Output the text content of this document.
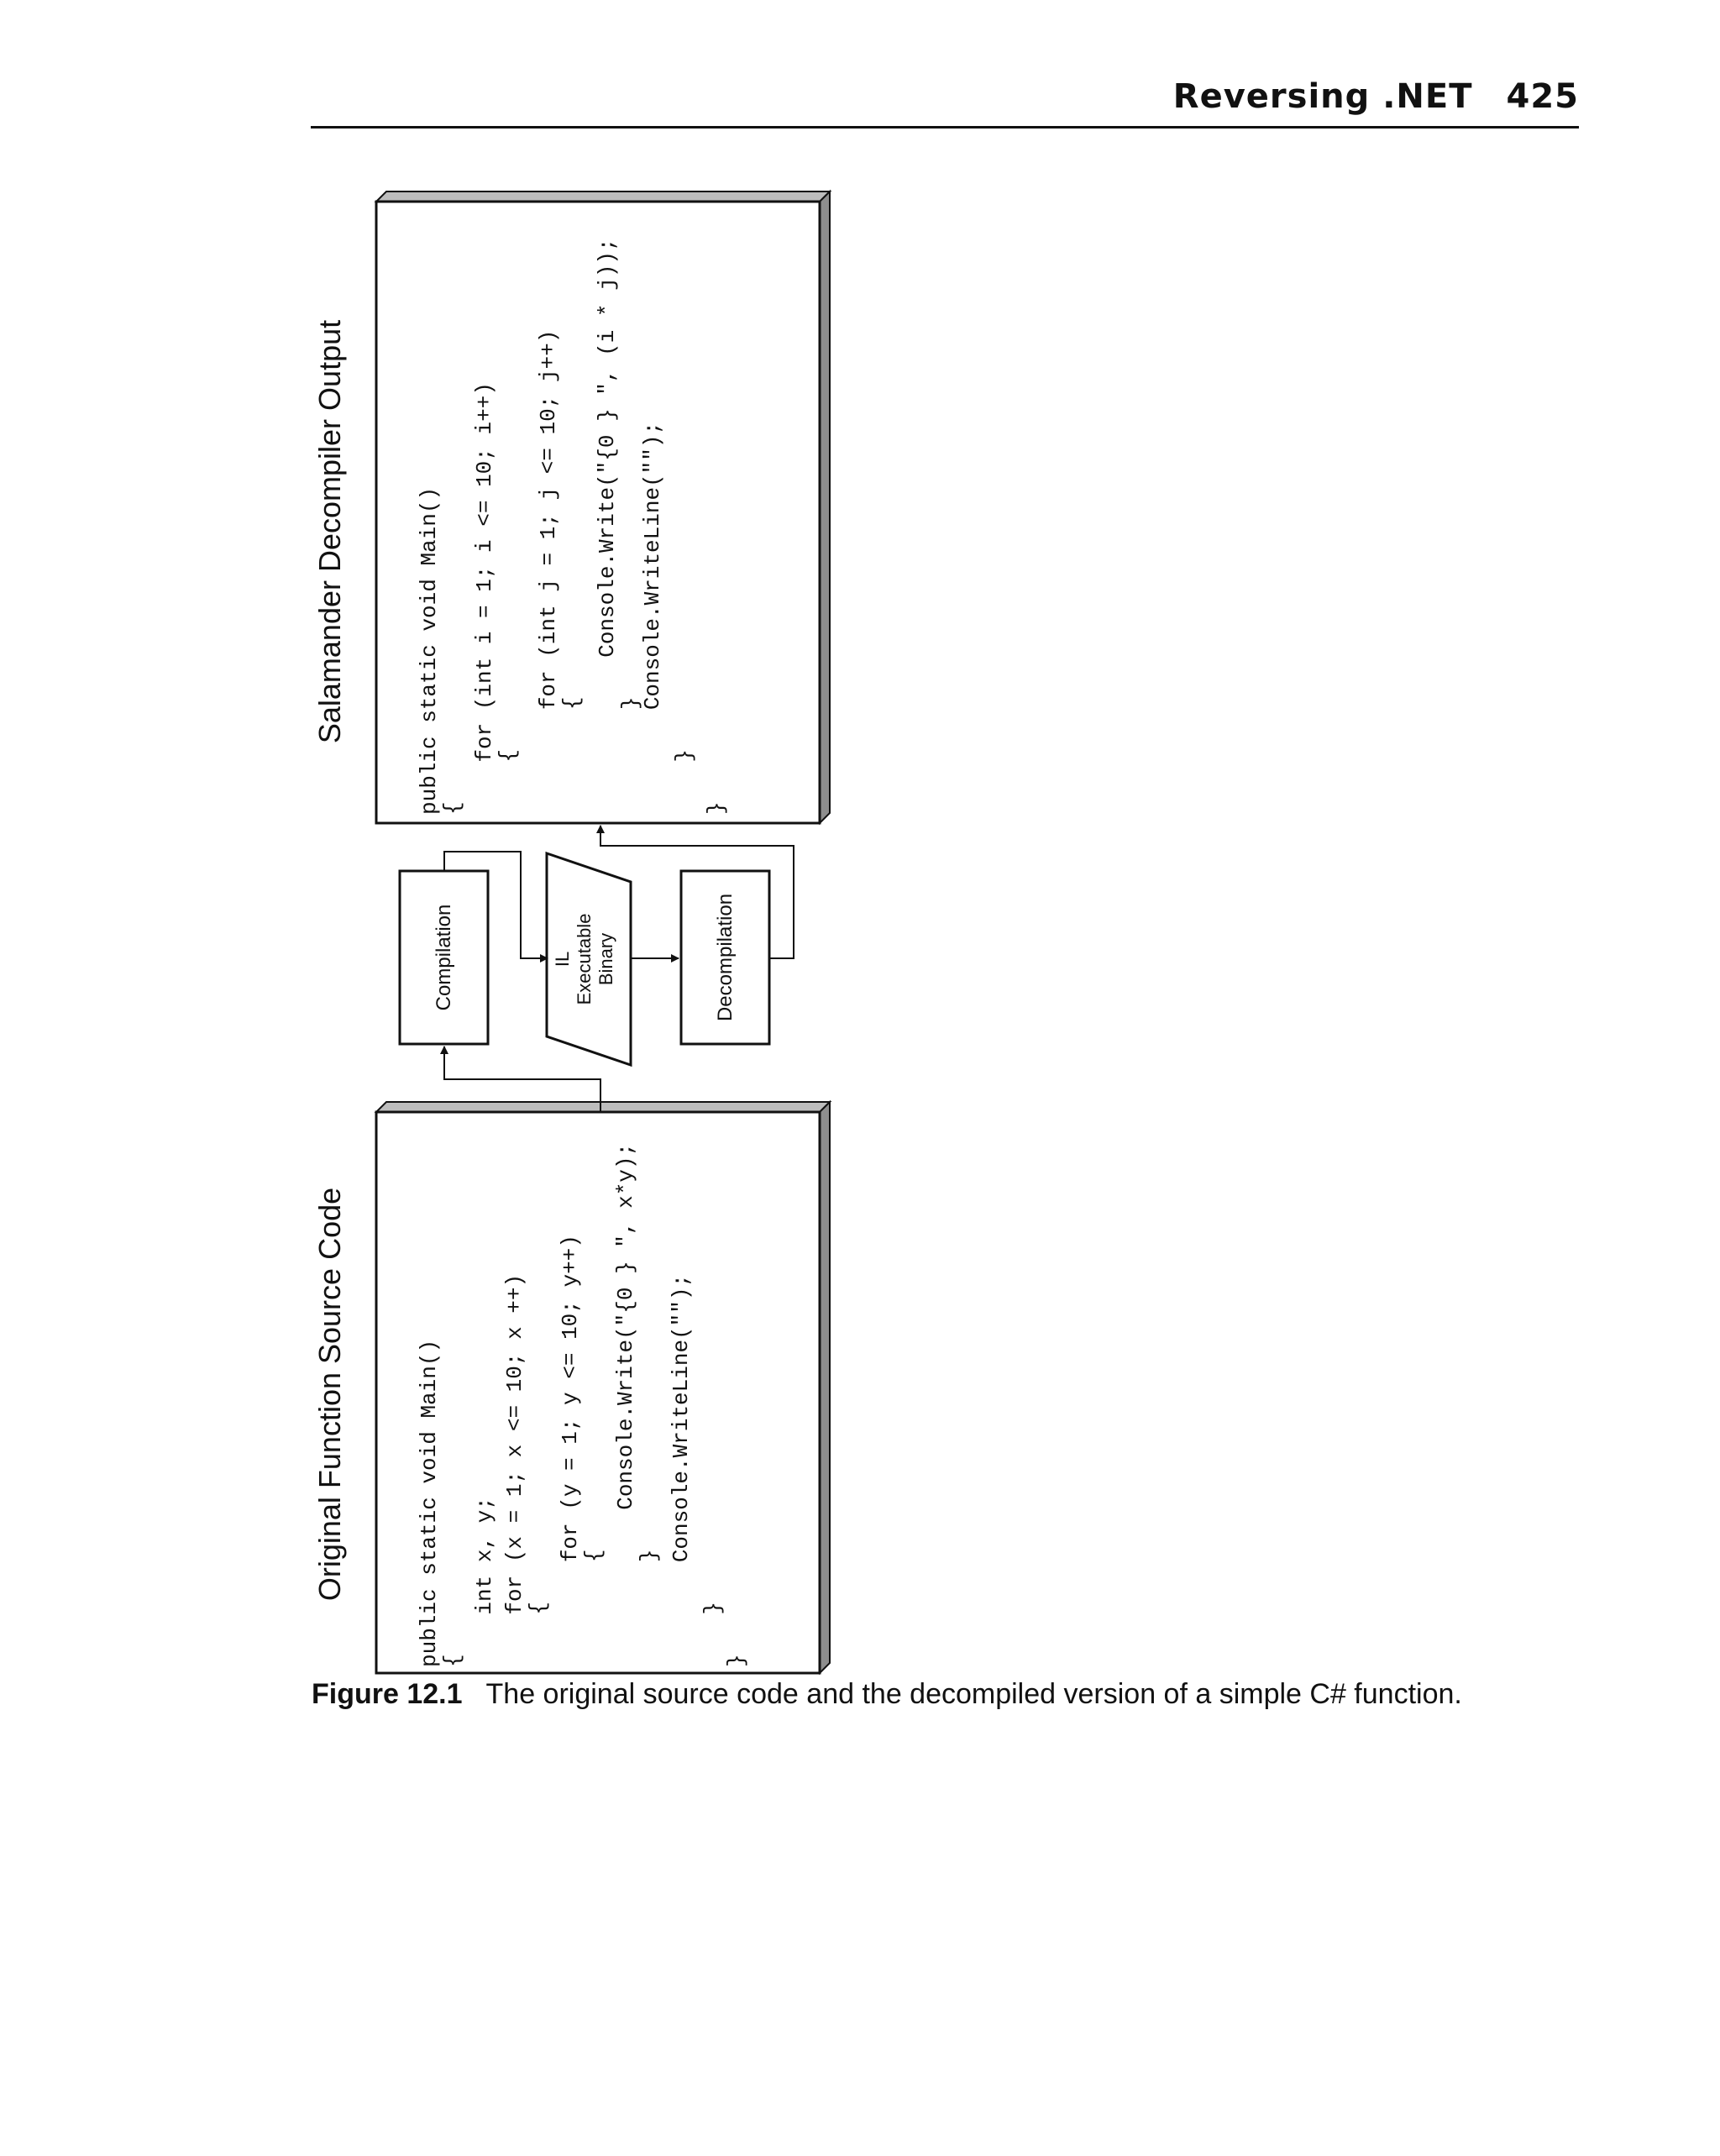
Reversing .NET 425
Original Function Source Code
Salamander Decompiler Output
public static void Main()
{ int x, y; for (x = 1; x <= 10; x ++)
{ for (y = 1; y <= 10; y++)
{ Console.Write("{0 } ", x*y);
} Console.WriteLine(""); }
}
public static void Main()
{ for (int i = 1; i <= 10; i++)
{ for (int j = 1; j <= 10; j++)
{ Console.Write("{0 } ", (i * j));
}
Console.WriteLine(""); } }
Compilation	Decompilation
IL Executable Binary
Figure 12.1 The original source code and the decompiled version of a simple C# function.
